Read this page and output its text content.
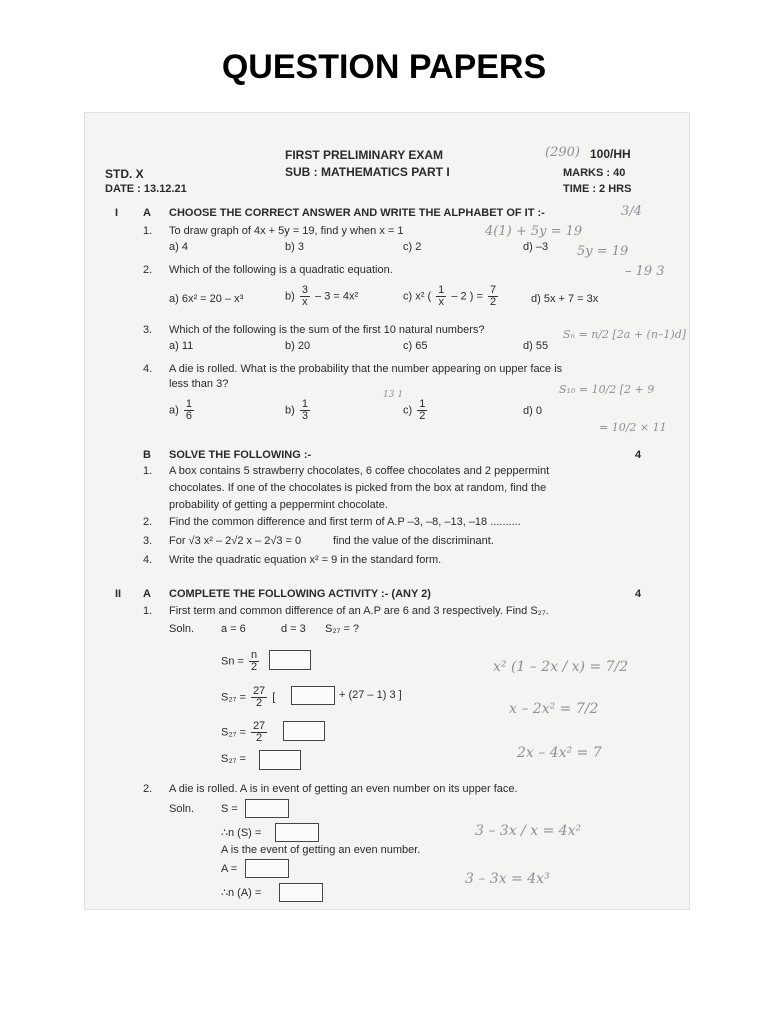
QUESTION PAPERS
FIRST PRELIMINARY EXAM
SUB : MATHEMATICS PART I
(290) 100/HH
STD. X
DATE : 13.12.21
MARKS : 40
TIME : 2 HRS
I A CHOOSE THE CORRECT ANSWER AND WRITE THE ALPHABET OF IT :-	3/4
1. To draw graph of 4x + 5y = 19, find y when x = 1
a) 4	b) 3	c) 2	d) –3
4(1) + 5y = 19
5y = 19
2. Which of the following is a quadratic equation.	– 19 3
a) 6x² = 20 – x³	$b) \frac{3}{x} - 3 = 4x^2$	c) x² ( $\frac{1}{x} - 2$ ) = $\frac{7}{2}$	d) 5x + 7 = 3x
3. Which of the following is the sum of the first 10 natural numbers?
a) 11	b) 20	c) 65	d) 55
Sₙ = n/2 [2a + (n–1)d]
4. A die is rolled. What is the probability that the number appearing on upper face is
less than 3?
$a) \frac{1}{6}$	$b) \frac{1}{3}$	$c) \frac{1}{2}$	d) 0
S₁₀ = 10/2 [2 + 9
= 10/2 × 11
13 1
B SOLVE THE FOLLOWING :-	4
1. A box contains 5 strawberry chocolates, 6 coffee chocolates and 2 peppermint
chocolates. If one of the chocolates is picked from the box at random, find the
probability of getting a peppermint chocolate.
2. Find the common difference and first term of A.P –3, –8, –13, –18 ..........
3. For √3 x² – 2√2 x – 2√3 = 0	find the value of the discriminant.
4. Write the quadratic equation x² = 9 in the standard form.
II A COMPLETE THE FOLLOWING ACTIVITY :- (ANY 2)	4
1. First term and common difference of an A.P are 6 and 3 respectively. Find S₂₇.
Soln. a = 6	d = 3 S₂₇ = ?
$Sn = \frac{n}{2}$
$S_{27} = \frac{27}{2}$ [	+ (27 – 1) 3 ]
$S_{27} = \frac{27}{2}$
S₂₇ =
x² (1 – 2x / x) = 7/2
x – 2x² = 7/2
2x – 4x² = 7
2. A die is rolled. A is in event of getting an even number on its upper face.
Soln. S =
∴n (S) =
A is the event of getting an even number.
A =
∴n (A) =
3 – 3x / x = 4x²
3 – 3x = 4x³
